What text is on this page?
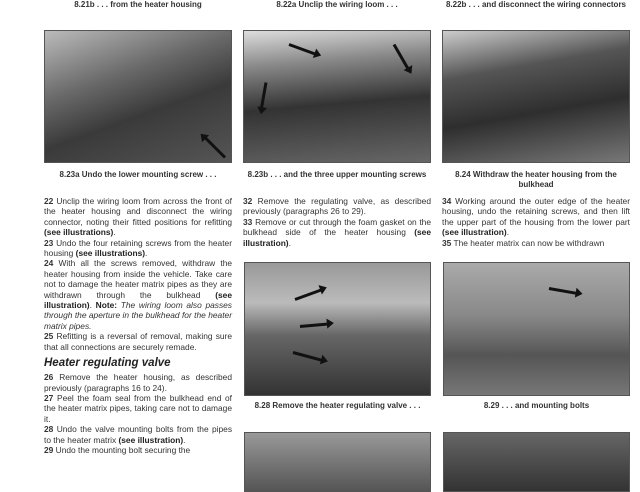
8.21b . . . from the heater housing	8.22a Unclip the wiring loom . . .	8.22b . . . and disconnect the wiring connectors
8.23a Undo the lower mounting screw . . .	8.23b . . . and the three upper mounting screws	8.24 Withdraw the heater housing from the bulkhead

22 Unclip the wiring loom from across the front of the heater housing and disconnect the wiring connector, noting their fitted positions for refitting (see illustrations).

23 Undo the four retaining screws from the heater housing (see illustrations).

24 With all the screws removed, withdraw the heater housing from inside the vehicle. Take care not to damage the heater matrix pipes as they are withdrawn through the bulkhead (see illustration). Note: The wiring loom also passes through the aperture in the bulkhead for the heater matrix pipes.

25 Refitting is a reversal of removal, making sure that all connections are securely remade.

Heater regulating valve

26 Remove the heater housing, as described previously (paragraphs 16 to 24).

27 Peel the foam seal from the bulkhead end of the heater matrix pipes, taking care not to damage it.

28 Undo the valve mounting bolts from the pipes to the heater matrix (see illustration).

29 Undo the mounting bolt securing the

32 Remove the regulating valve, as described previously (paragraphs 26 to 29).

33 Remove or cut through the foam gasket on the bulkhead side of the heater housing (see illustration).

34 Working around the outer edge of the heater housing, undo the retaining screws, and then lift the upper part of the housing from the lower part (see illustration).

35 The heater matrix can now be withdrawn

8.28 Remove the heater regulating valve . . .	8.29 . . . and mounting bolts
